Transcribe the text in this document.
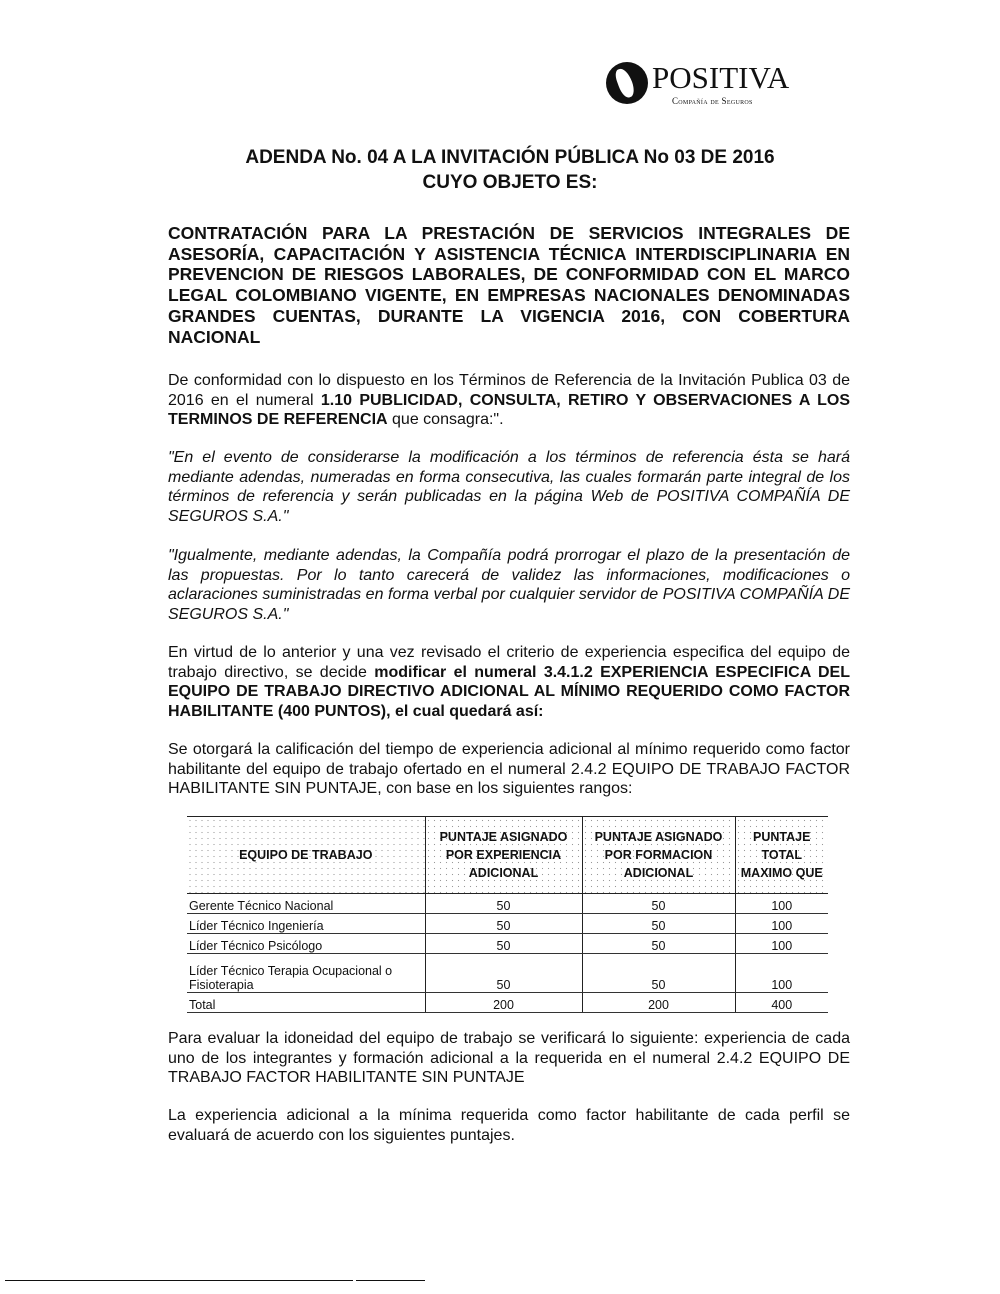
POSITIVA
Compañía de Seguros
ADENDA No. 04 A LA INVITACIÓN PÚBLICA No 03 DE 2016
CUYO OBJETO ES:
CONTRATACIÓN PARA LA PRESTACIÓN DE SERVICIOS INTEGRALES DE ASESORÍA, CAPACITACIÓN Y ASISTENCIA TÉCNICA INTERDISCIPLINARIA EN PREVENCION DE RIESGOS LABORALES, DE CONFORMIDAD CON EL MARCO LEGAL COLOMBIANO VIGENTE, EN EMPRESAS NACIONALES DENOMINADAS GRANDES CUENTAS, DURANTE LA VIGENCIA 2016, CON COBERTURA NACIONAL
De conformidad con lo dispuesto en los Términos de Referencia de la Invitación Publica 03 de 2016 en el numeral 1.10 PUBLICIDAD, CONSULTA, RETIRO Y OBSERVACIONES A LOS TERMINOS DE REFERENCIA que consagra:".
"En el evento de considerarse la modificación a los términos de referencia ésta se hará mediante adendas, numeradas en forma consecutiva, las cuales formarán parte integral de los términos de referencia y serán publicadas en la página Web de POSITIVA COMPAÑÍA DE SEGUROS S.A."
"Igualmente, mediante adendas, la Compañía podrá prorrogar el plazo de la presentación de las propuestas. Por lo tanto carecerá de validez las informaciones, modificaciones o aclaraciones suministradas en forma verbal por cualquier servidor de POSITIVA COMPAÑÍA DE SEGUROS S.A."
En virtud de lo anterior y una vez revisado el criterio de experiencia especifica del equipo de trabajo directivo, se decide modificar el numeral 3.4.1.2 EXPERIENCIA ESPECIFICA DEL EQUIPO DE TRABAJO DIRECTIVO ADICIONAL AL MÍNIMO REQUERIDO COMO FACTOR HABILITANTE (400 PUNTOS), el cual quedará así:
Se otorgará la calificación del tiempo de experiencia adicional al mínimo requerido como factor habilitante del equipo de trabajo ofertado en el numeral 2.4.2 EQUIPO DE TRABAJO FACTOR HABILITANTE SIN PUNTAJE, con base en los siguientes rangos:
EQUIPO DE TRABAJO	PUNTAJE ASIGNADO POR EXPERIENCIA ADICIONAL	PUNTAJE ASIGNADO POR FORMACION ADICIONAL	PUNTAJE TOTAL MAXIMO QUE
Gerente Técnico Nacional	50	50	100
Líder Técnico Ingeniería	50	50	100
Líder Técnico Psicólogo	50	50	100
Líder Técnico Terapia Ocupacional o Fisioterapia	50	50	100
Total	200	200	400
Para evaluar la idoneidad del equipo de trabajo se verificará lo siguiente: experiencia de cada uno de los integrantes y formación adicional a la requerida en el numeral 2.4.2 EQUIPO DE TRABAJO FACTOR HABILITANTE SIN PUNTAJE
La experiencia adicional a la mínima requerida como factor habilitante de cada perfil se evaluará de acuerdo con los siguientes puntajes.
